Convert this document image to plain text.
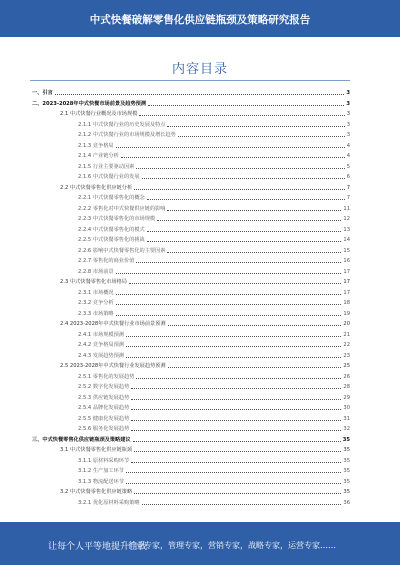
中式快餐破解零售化供应链瓶颈及策略研究报告
内容目录
一、引言	3
二、2023-2028年中式快餐市场前景及趋势预测	3
2.1 中式快餐行业概况及市场规模	3
2.1.1 中式快餐行业的历史发展及特点	3
2.1.2 中式快餐行业的市场规模及增长趋势	3
2.1.3 竞争格局	4
2.1.4 产业链分析	4
2.1.5 行业主要驱动因素	5
2.1.6 中式快餐行业的发展	6
2.2 中式快餐零售化供应链分析	7
2.2.1 中式快餐零售化的概念	7
2.2.2 零售化对中式快餐供应链的影响	11
2.2.3 中式快餐零售化的市场规模	12
2.2.4 中式快餐零售化的模式	13
2.2.5 中式快餐零售化的挑战	14
2.2.6 影响中式快餐零售化的主要因素	15
2.2.7 零售化的商业价值	16
2.2.8 市场前景	17
2.3 中式快餐零售化市场格局	17
2.3.1 市场概况	17
2.3.2 竞争分析	18
2.3.3 市场策略	19
2.4 2023-2028年中式快餐行业市场前景预测	20
2.4.1 市场规模预测	21
2.4.2 竞争格局预测	22
2.4.3 发展趋势预测	23
2.5 2023-2028年中式快餐行业发展趋势预测	25
2.5.1 零售化的发展趋势	26
2.5.2 数字化发展趋势	28
2.5.3 供应链发展趋势	29
2.5.4 品牌化发展趋势	30
2.5.5 健康化发展趋势	31
2.5.6 服务化发展趋势	32
三、中式快餐零售化供应链瓶颈及策略建议	35
3.1 中式快餐零售化供应链瓶颈	35
3.1.1 原材料采购环节	35
3.1.2 生产加工环节	35
3.1.3 物流配送环节	35
3.2 中式快餐零售化供应链策略	35
3.2.1 优化原材料采购策略	36
让每个人平等地提升自我
行业专家，管理专家，营销专家，战略专家，运营专家……
